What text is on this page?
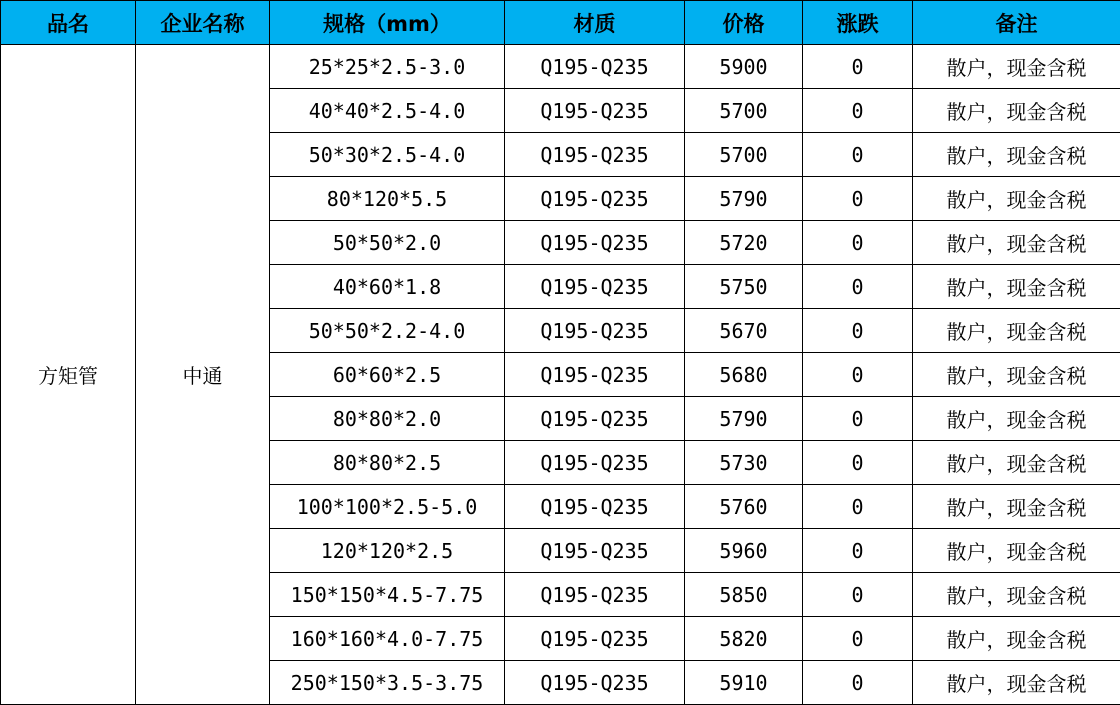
品名	企业名称	规格（mm）	材质	价格	涨跌	备注
方矩管	中通	25*25*2.5-3.0	Q195-Q235	5900	0	散户，现金含税
		40*40*2.5-4.0	Q195-Q235	5700	0	散户，现金含税
		50*30*2.5-4.0	Q195-Q235	5700	0	散户，现金含税
		80*120*5.5	Q195-Q235	5790	0	散户，现金含税
		50*50*2.0	Q195-Q235	5720	0	散户，现金含税
		40*60*1.8	Q195-Q235	5750	0	散户，现金含税
		50*50*2.2-4.0	Q195-Q235	5670	0	散户，现金含税
		60*60*2.5	Q195-Q235	5680	0	散户，现金含税
		80*80*2.0	Q195-Q235	5790	0	散户，现金含税
		80*80*2.5	Q195-Q235	5730	0	散户，现金含税
		100*100*2.5-5.0	Q195-Q235	5760	0	散户，现金含税
		120*120*2.5	Q195-Q235	5960	0	散户，现金含税
		150*150*4.5-7.75	Q195-Q235	5850	0	散户，现金含税
		160*160*4.0-7.75	Q195-Q235	5820	0	散户，现金含税
		250*150*3.5-3.75	Q195-Q235	5910	0	散户，现金含税
